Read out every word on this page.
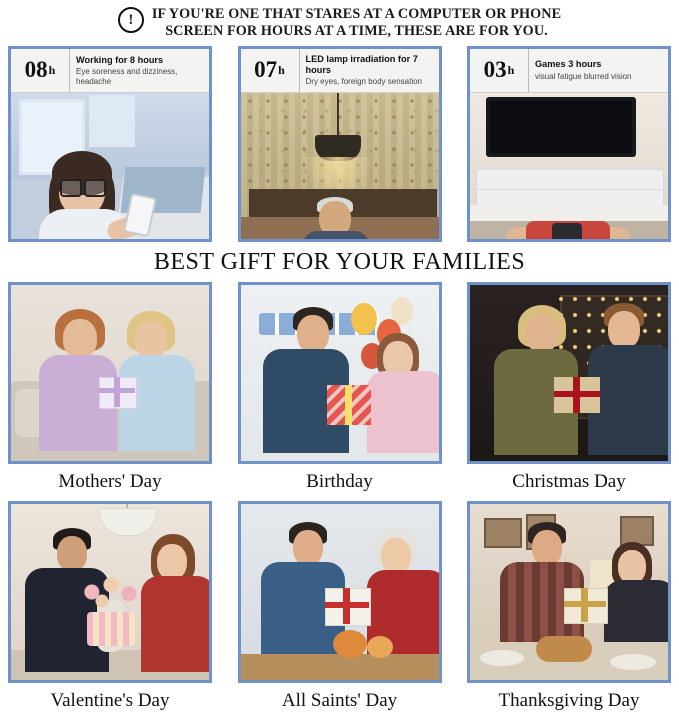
!	IF YOU'RE ONE THAT STARES AT A COMPUTER OR PHONE
SCREEN FOR HOURS AT A TIME, THESE ARE FOR YOU.
08 h
Working for 8 hours
Eye soreness and dizziness, headache	07 h
LED lamp irradiation for 7 hours
Dry eyes, foreign body sensation	03 h Games 3 hours
visual fatigue blurred vision
BEST GIFT FOR YOUR FAMILIES
Mothers' Day	Birthday	Christmas Day
Valentine's Day	All Saints' Day	Thanksgiving Day
